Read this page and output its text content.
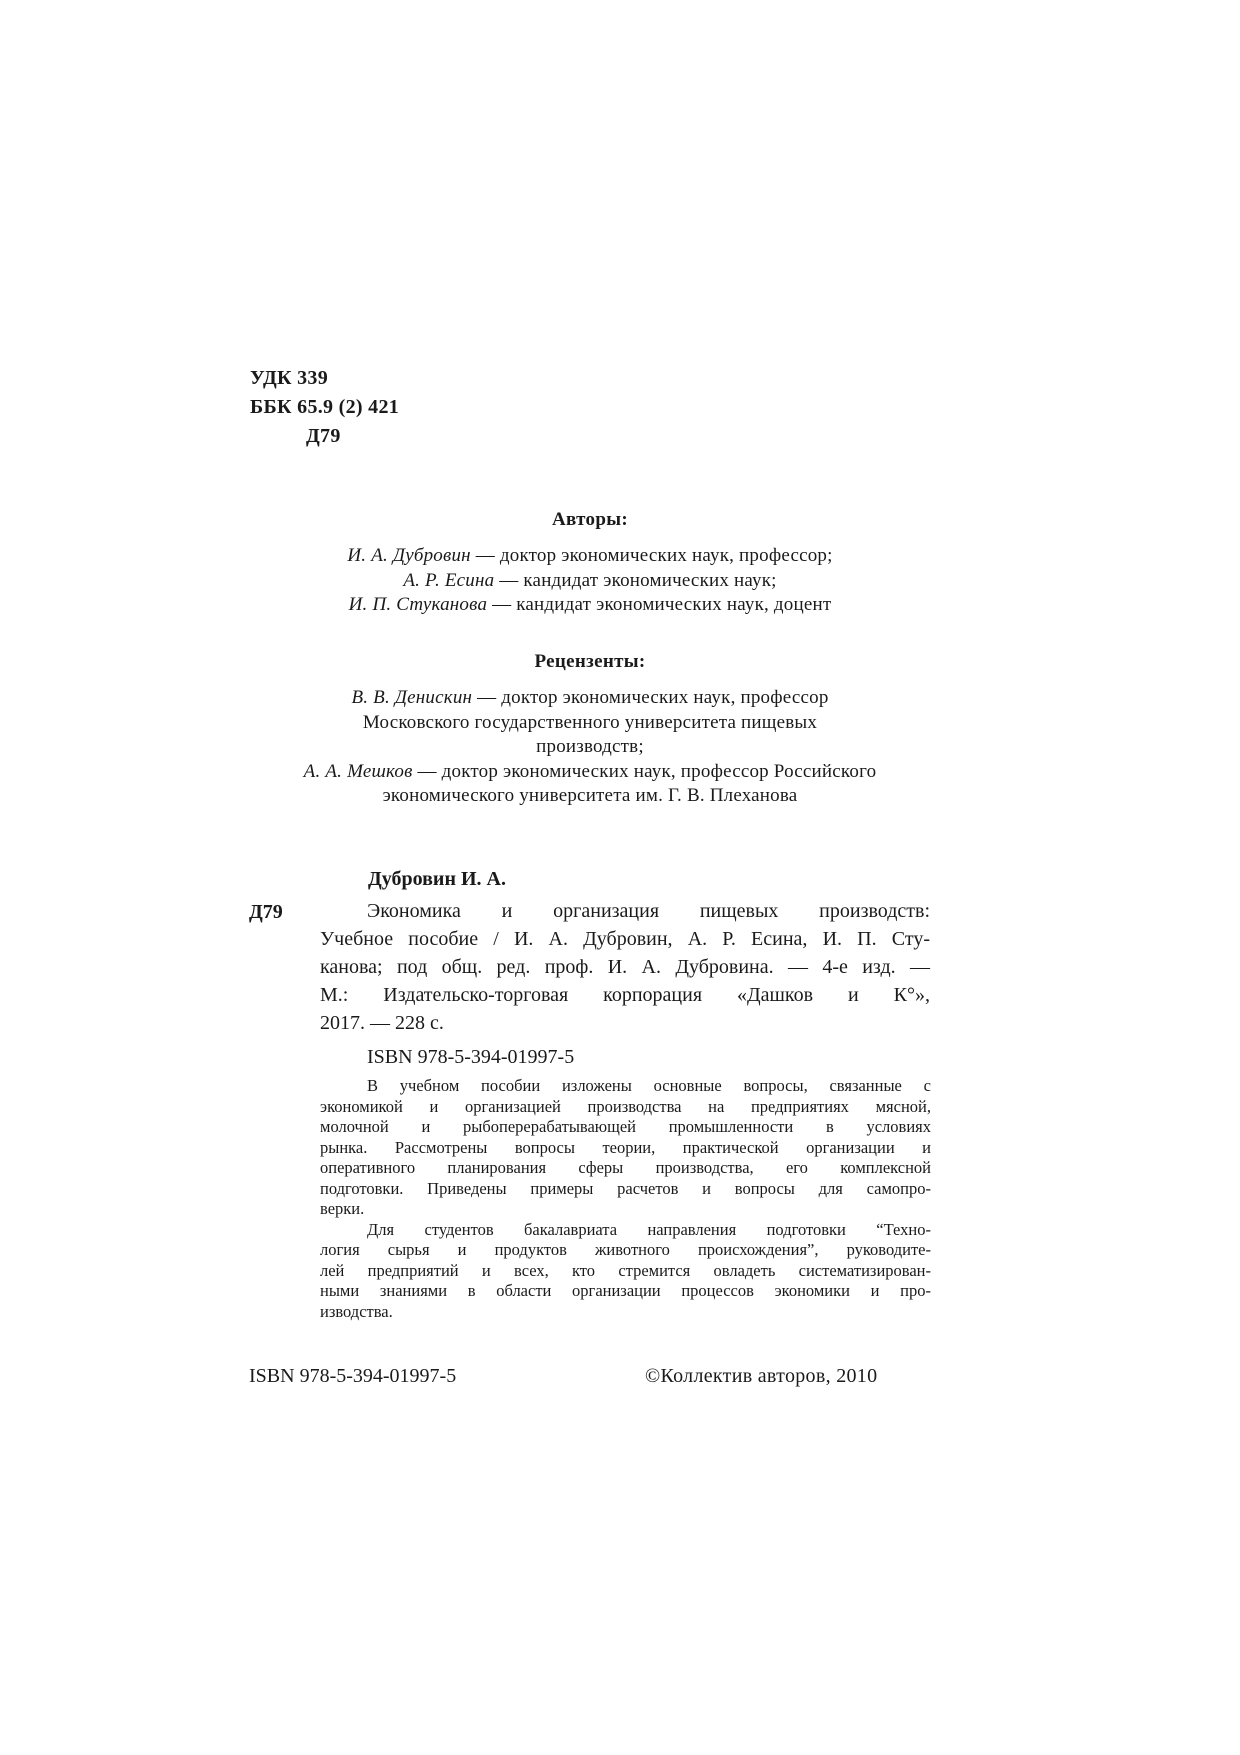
УДК 339
ББК 65.9 (2) 421
Д79
Авторы:
И. А. Дубровин — доктор экономических наук, профессор;
А. Р. Есина — кандидат экономических наук;
И. П. Стуканова — кандидат экономических наук, доцент
Рецензенты:
В. В. Денискин — доктор экономических наук, профессор
Московского государственного университета пищевых
производств;
А. А. Мешков — доктор экономических наук, профессор Российского
экономического университета им. Г. В. Плеханова
Дубровин И. А.
Д79	Экономика и организация пищевых производств:
Учебное пособие / И. А. Дубровин, А. Р. Есина, И. П. Сту-
канова; под общ. ред. проф. И. А. Дубровина. — 4-е изд. —
М.: Издательско-торговая корпорация «Дашков и К°»,
2017. — 228 с.
ISBN 978-5-394-01997-5
В учебном пособии изложены основные вопросы, связанные с
экономикой и организацией производства на предприятиях мясной,
молочной и рыбоперерабатывающей промышленности в условиях
рынка. Рассмотрены вопросы теории, практической организации и
оперативного планирования сферы производства, его комплексной
подготовки. Приведены примеры расчетов и вопросы для самопро-
верки.
Для студентов бакалавриата направления подготовки “Техно-
логия сырья и продуктов животного происхождения”, руководите-
лей предприятий и всех, кто стремится овладеть систематизирован-
ными знаниями в области организации процессов экономики и про-
изводства.
ISBN 978-5-394-01997-5	©Коллектив авторов, 2010
